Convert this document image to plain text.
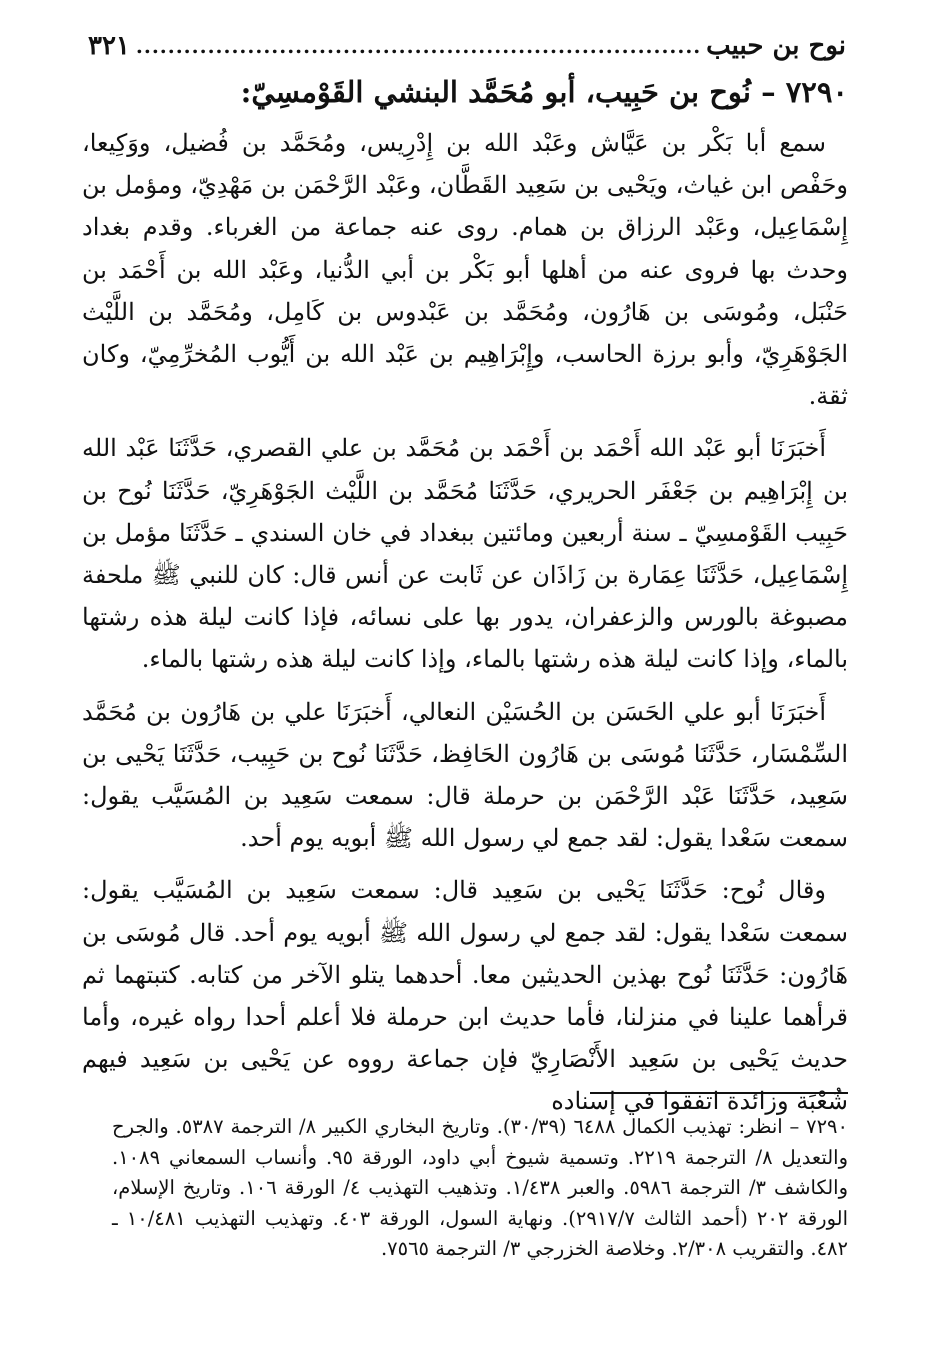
نوح بن حبيب
.....
٣٢١
٧٢٩٠ – نُوح بن حَبِيب، أبو مُحَمَّد البنشي القَوْمسِيّ:

سمع أبا بَكْر بن عَيَّاش وعَبْد الله بن إِدْرِيس، ومُحَمَّد بن فُضيل، ووَكِيعا، وحَفْص ابن غياث، ويَحْيى بن سَعِيد القَطَّان، وعَبْد الرَّحْمَن بن مَهْدِيّ، ومؤمل بن إِسْمَاعِيل، وعَبْد الرزاق بن همام. روى عنه جماعة من الغرباء. وقدم بغداد وحدث بها فروى عنه من أهلها أبو بَكْر بن أبي الدُّنيا، وعَبْد الله بن أَحْمَد بن حَنْبَل، ومُوسَى بن هَارُون، ومُحَمَّد بن عَبْدوس بن كَامِل، ومُحَمَّد بن اللَّيْث الجَوْهَرِيّ، وأبو برزة الحاسب، وإِبْرَاهِيم بن عَبْد الله بن أَيُّوب المُخرِّمِيّ، وكان ثقة.

أَخبَرَنَا أبو عَبْد الله أَحْمَد بن أَحْمَد بن مُحَمَّد بن علي القصري، حَدَّثَنَا عَبْد الله بن إِبْرَاهِيم بن جَعْفَر الحريري، حَدَّثَنَا مُحَمَّد بن اللَّيْث الجَوْهَرِيّ، حَدَّثَنَا نُوح بن حَبِيب القَوْمسِيّ ـ سنة أربعين ومائتين ببغداد في خان السندي ـ حَدَّثَنَا مؤمل بن إِسْمَاعِيل، حَدَّثَنَا عِمَارة بن زَاذَان عن ثَابت عن أنس قال: كان للنبي ﷺ ملحفة مصبوغة بالورس والزعفران، يدور بها على نسائه، فإذا كانت ليلة هذه رشتها بالماء، وإذا كانت ليلة هذه رشتها بالماء، وإذا كانت ليلة هذه رشتها بالماء.

أَخبَرَنَا أبو علي الحَسَن بن الحُسَيْن النعالي، أَخبَرَنَا علي بن هَارُون بن مُحَمَّد السِّمْسَار، حَدَّثَنَا مُوسَى بن هَارُون الحَافِظ، حَدَّثَنَا نُوح بن حَبِيب، حَدَّثَنَا يَحْيى بن سَعِيد، حَدَّثَنَا عَبْد الرَّحْمَن بن حرملة قال: سمعت سَعِيد بن المُسَيَّب يقول: سمعت سَعْدا يقول: لقد جمع لي رسول الله ﷺ أبويه يوم أحد.

وقال نُوح: حَدَّثَنَا يَحْيى بن سَعِيد قال: سمعت سَعِيد بن المُسَيَّب يقول: سمعت سَعْدا يقول: لقد جمع لي رسول الله ﷺ أبويه يوم أحد. قال مُوسَى بن هَارُون: حَدَّثَنَا نُوح بهذين الحديثين معا. أحدهما يتلو الآخر من كتابه. كتبتهما ثم قرأهما علينا في منزلنا، فأما حديث ابن حرملة فلا أعلم أحدا رواه غيره، وأما حديث يَحْيى بن سَعِيد الأَنْصَارِيّ فإن جماعة رووه عن يَحْيى بن سَعِيد فيهم شُعْبَة وزائدة اتفقوا في إسناده

٧٢٩٠ – انظر: تهذيب الكمال ٦٤٨٨ (٣٠/٣٩). وتاريخ البخاري الكبير ٨/ الترجمة ٥٣٨٧. والجرح والتعديل ٨/ الترجمة ٢٢١٩. وتسمية شيوخ أبي داود، الورقة ٩٥. وأنساب السمعاني ١٠٨٩. والكاشف ٣/ الترجمة ٥٩٨٦. والعبر ١/٤٣٨. وتذهيب التهذيب ٤/ الورقة ١٠٦. وتاريخ الإسلام، الورقة ٢٠٢ (أحمد الثالث ٢٩١٧/٧). ونهاية السول، الورقة ٤٠٣. وتهذيب التهذيب ١٠/٤٨١ ـ ٤٨٢. والتقريب ٢/٣٠٨. وخلاصة الخزرجي ٣/ الترجمة ٧٥٦٥.
